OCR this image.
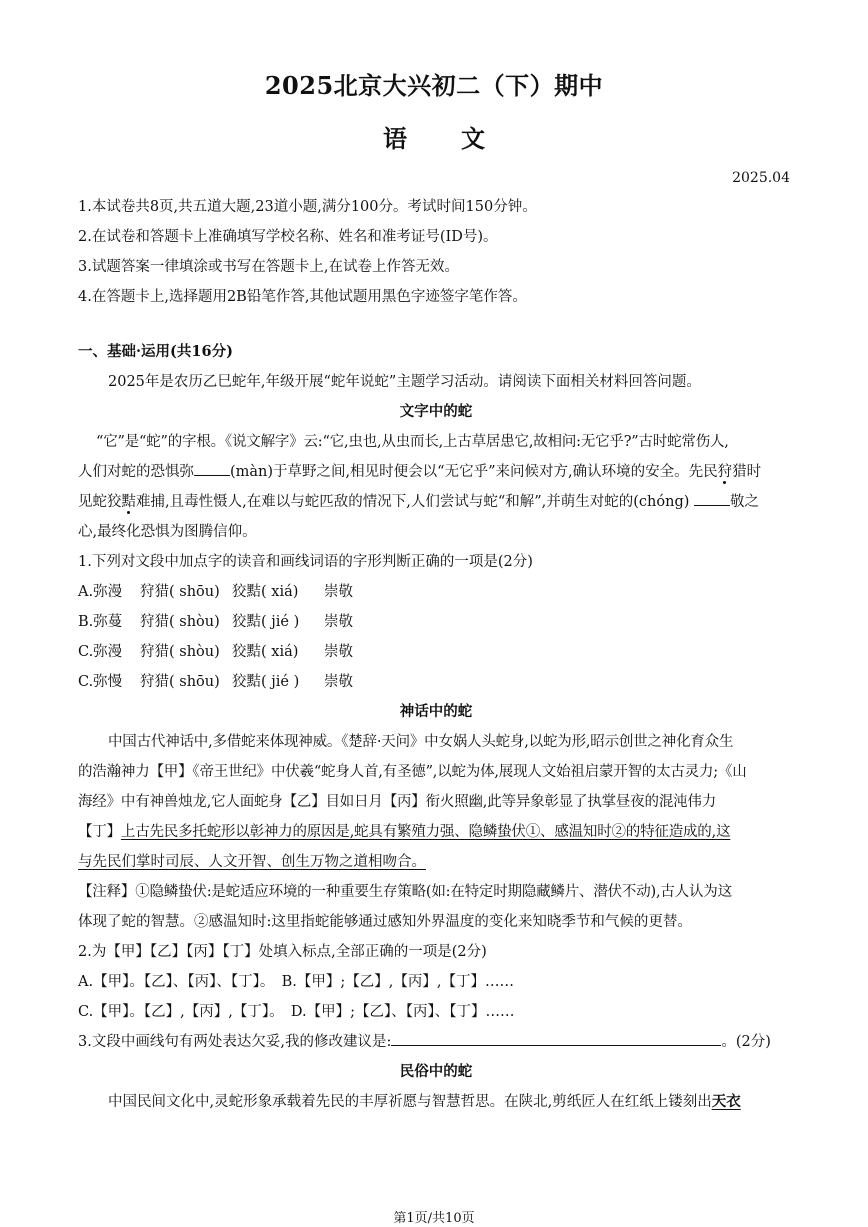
2025北京大兴初二（下）期中
语 文
2025.04
1.本试卷共8页,共五道大题,23道小题,满分100分。考试时间150分钟。
2.在试卷和答题卡上准确填写学校名称、姓名和准考证号(ID号)。
3.试题答案一律填涂或书写在答题卡上,在试卷上作答无效。
4.在答题卡上,选择题用2B铅笔作答,其他试题用黑色字迹签字笔作答。
一、基础·运用(共16分)
2025年是农历乙巳蛇年,年级开展“蛇年说蛇”主题学习活动。请阅读下面相关材料回答问题。
文字中的蛇
“它”是“蛇”的字根。《说文解字》云:“它,虫也,从虫而长,上古草居患它,故相问:无它乎?”古时蛇常伤人,
人们对蛇的恐惧弥 (màn)于草野之间,相见时便会以“无它乎”来问候对方,确认环境的安全。先民狩猎时
见蛇狡黠难捕,且毒性慑人,在难以与蛇匹敌的情况下,人们尝试与蛇“和解”,并萌生对蛇的(chóng)	敬之
心,最终化恐惧为图腾信仰。
1.下列对文段中加点字的读音和画线词语的字形判断正确的一项是(2分)
A.弥漫 狩猎( shōu) 狡黠( xiá) 崇敬
B.弥蔓 狩猎( shòu) 狡黠( jié ) 崇敬
C.弥漫 狩猎( shòu) 狡黠( xiá) 崇敬
C.弥慢 狩猎( shōu) 狡黠( jié ) 崇敬
神话中的蛇
中国古代神话中,多借蛇来体现神威。《楚辞·天问》中女娲人头蛇身,以蛇为形,昭示创世之神化育众生
的浩瀚神力【甲】《帝王世纪》中伏羲“蛇身人首,有圣德”,以蛇为体,展现人文始祖启蒙开智的太古灵力;《山
海经》中有神兽烛龙,它人面蛇身【乙】目如日月【丙】衔火照幽,此等异象彰显了执掌昼夜的混沌伟力
【丁】上古先民多托蛇形以彰神力的原因是,蛇具有繁殖力强、隐鳞蛰伏①、感温知时②的特征造成的,这
与先民们掌时司辰、人文开智、创生万物之道相吻合。
【注释】①隐鳞蛰伏:是蛇适应环境的一种重要生存策略(如:在特定时期隐藏鳞片、潜伏不动),古人认为这
体现了蛇的智慧。②感温知时:这里指蛇能够通过感知外界温度的变化来知晓季节和气候的更替。
2.为【甲】【乙】【丙】【丁】处填入标点,全部正确的一项是(2分)
A.【甲】。【乙】、【丙】、【丁】。　B.【甲】;【乙】,【丙】,【丁】……
C.【甲】。【乙】,【丙】,【丁】。　D.【甲】;【乙】、【丙】、【丁】……
3.文段中画线句有两处表达欠妥,我的修改建议是:	。(2分)
民俗中的蛇
中国民间文化中,灵蛇形象承载着先民的丰厚祈愿与智慧哲思。在陕北,剪纸匠人在红纸上镂刻出天衣
第1页/共10页
